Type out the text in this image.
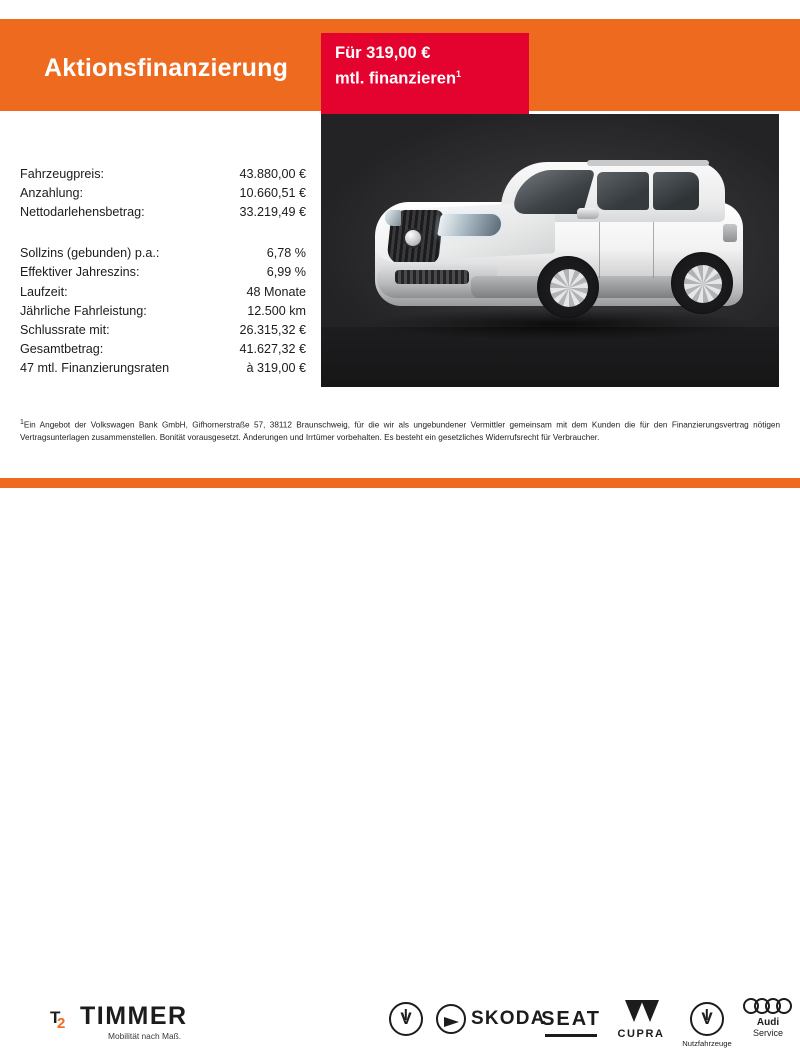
Aktionsfinanzierung
Für 319,00 €
mtl. finanzieren$^1$
Fahrzeugpreis:	43.880,00 €
Anzahlung:	10.660,51 €
Nettodarlehensbetrag:	33.219,49 €
Sollzins (gebunden) p.a.:	6,78 %
Effektiver Jahreszins:	6,99 %
Laufzeit:	48 Monate
Jährliche Fahrleistung:	12.500 km
Schlussrate mit:	26.315,32 €
Gesamtbetrag:	41.627,32 €
47 mtl. Finanzierungsraten	à 319,00 €
$^1$Ein Angebot der Volkswagen Bank GmbH, Gifhornerstraße 57, 38112 Braunschweig, für die wir als ungebundener Vermittler gemeinsam mit dem Kunden die für den Finanzierungsvertrag nötigen Vertragsunterlagen zusammenstellen. Bonität vorausgesetzt. Änderungen und Irrtümer vorbehalten. Es besteht ein gesetzliches Widerrufsrecht für Verbraucher.
T
2 TIMMER
Mobilität nach Maß.
V
SKODA
SEAT
CUPRA
V
Nutzfahrzeuge
Audi
Service
